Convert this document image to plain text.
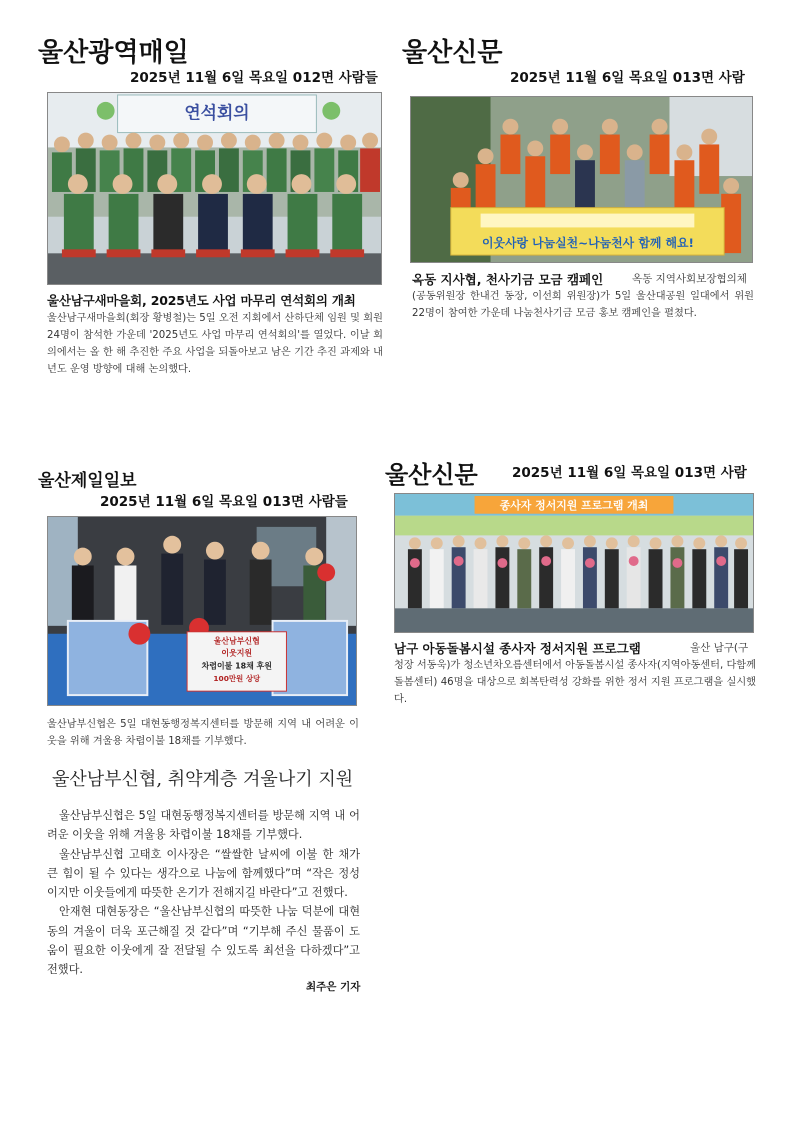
울산광역매일
2025년 11월 6일 목요일 012면 사람들
연석회의
울산남구새마을회, 2025년도 사업 마무리 연석회의 개최
울산남구새마을회(회장 황병철)는 5일 오전 지회에서 산하단체 임원 및 회원 24명이 참석한 가운데 '2025년도 사업 마무리 연석회의'를 열었다. 이날 회의에서는 올 한 해 추진한 주요 사업을 되돌아보고 남은 기간 추진 과제와 내년도 운영 방향에 대해 논의했다.
울산신문
2025년 11월 6일 목요일 013면 사람
이웃사랑 나눔실천~나눔천사 함께 해요!
옥동 지사협, 천사기금 모금 캠페인	옥동 지역사회보장협의체
(공동위원장 한내건 동장, 이선희 위원장)가 5일 울산대공원 일대에서 위원 22명이 참여한 가운데 나눔천사기금 모금 홍보 캠페인을 펼쳤다.
울산제일일보
2025년 11월 6일 목요일 013면 사람들
울산남부신협
이웃지원
차렵이불 18채 후원
100만원 상당
울산남부신협은 5일 대현동행정복지센터를 방문해 지역 내 어려운 이웃을 위해 겨울용 차렵이불 18채를 기부했다.
울산남부신협, 취약계층 겨울나기 지원

울산남부신협은 5일 대현동행정복지센터를 방문해 지역 내 어려운 이웃을 위해 겨울용 차렵이불 18채를 기부했다.

울산남부신협 고태호 이사장은 “쌀쌀한 날씨에 이불 한 채가 큰 힘이 될 수 있다는 생각으로 나눔에 함께했다”며 “작은 정성이지만 이웃들에게 따뜻한 온기가 전해지길 바란다”고 전했다.

안재현 대현동장은 “울산남부신협의 따뜻한 나눔 덕분에 대현동의 겨울이 더욱 포근해질 것 같다”며 “기부해 주신 물품이 도움이 필요한 이웃에게 잘 전달될 수 있도록 최선을 다하겠다”고 전했다.

최주은 기자
울산신문	2025년 11월 6일 목요일 013면 사람
종사자 정서지원 프로그램 개최
남구 아동돌봄시설 종사자 정서지원 프로그램	울산 남구(구
청장 서동욱)가 청소년차오름센터에서 아동돌봄시설 종사자(지역아동센터, 다함께돌봄센터) 46명을 대상으로 회복탄력성 강화를 위한 정서 지원 프로그램을 실시했다.
